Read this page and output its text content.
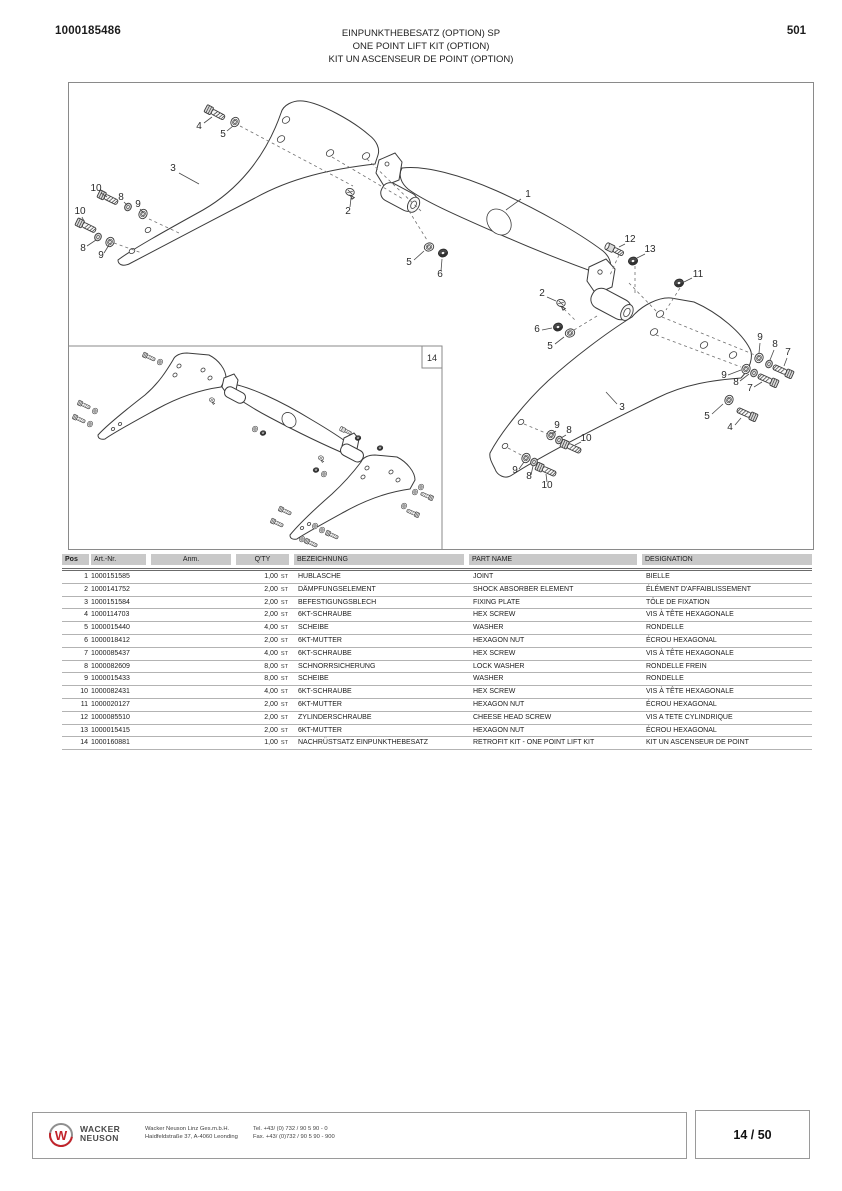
1000185486	EINPUNKTHEBESATZ (OPTION) SP
ONE POINT LIFT KIT (OPTION)
KIT UN ASCENSEUR DE POINT (OPTION)
501
14
4
5
3
10
8
9
10
8
9
2
1
5
6
12
13
11
2
6
5
9
8
7
9
8
7
3
5
4
9 8
10
9
8
10
Pos	Art.-Nr.	Anm.	Q'TY	BEZEICHNUNG	PART NAME	DESIGNATION

1	1000151585		1,00 ST	HUBLASCHE	JOINT	BIELLE
2	1000141752		2,00 ST	DÄMPFUNGSELEMENT	SHOCK ABSORBER ELEMENT	ÉLÉMENT D'AFFAIBLISSEMENT
3	1000151584		2,00 ST	BEFESTIGUNGSBLECH	FIXING PLATE	TÔLE DE FIXATION
4	1000114703		2,00 ST	6KT-SCHRAUBE	HEX SCREW	VIS À TÊTE HEXAGONALE
5	1000015440		4,00 ST	SCHEIBE	WASHER	RONDELLE
6	1000018412		2,00 ST	6KT-MUTTER	HEXAGON NUT	ÉCROU HEXAGONAL
7	1000085437		4,00 ST	6KT-SCHRAUBE	HEX SCREW	VIS À TÊTE HEXAGONALE
8	1000082609		8,00 ST	SCHNORRSICHERUNG	LOCK WASHER	RONDELLE FREIN
9	1000015433		8,00 ST	SCHEIBE	WASHER	RONDELLE
10	1000082431		4,00 ST	6KT-SCHRAUBE	HEX SCREW	VIS À TÊTE HEXAGONALE
11	1000020127		2,00 ST	6KT-MUTTER	HEXAGON NUT	ÉCROU HEXAGONAL
12	1000085510		2,00 ST	ZYLINDERSCHRAUBE	CHEESE HEAD SCREW	VIS A TETE CYLINDRIQUE
13	1000015415		2,00 ST	6KT-MUTTER	HEXAGON NUT	ÉCROU HEXAGONAL
14	1000160881		1,00 ST	NACHRÜSTSATZ EINPUNKTHEBESATZ	RETROFIT KIT - ONE POINT LIFT KIT	KIT UN ASCENSEUR DE POINT
W	WACKER
NEUSON
Wacker Neuson Linz Ges.m.b.H.
Haidfeldstraße 37, A-4060 Leonding
Tel. +43/ (0) 732 / 90 5 90 - 0
Fax. +43/ (0)732 / 90 5 90 - 900	14 / 50
